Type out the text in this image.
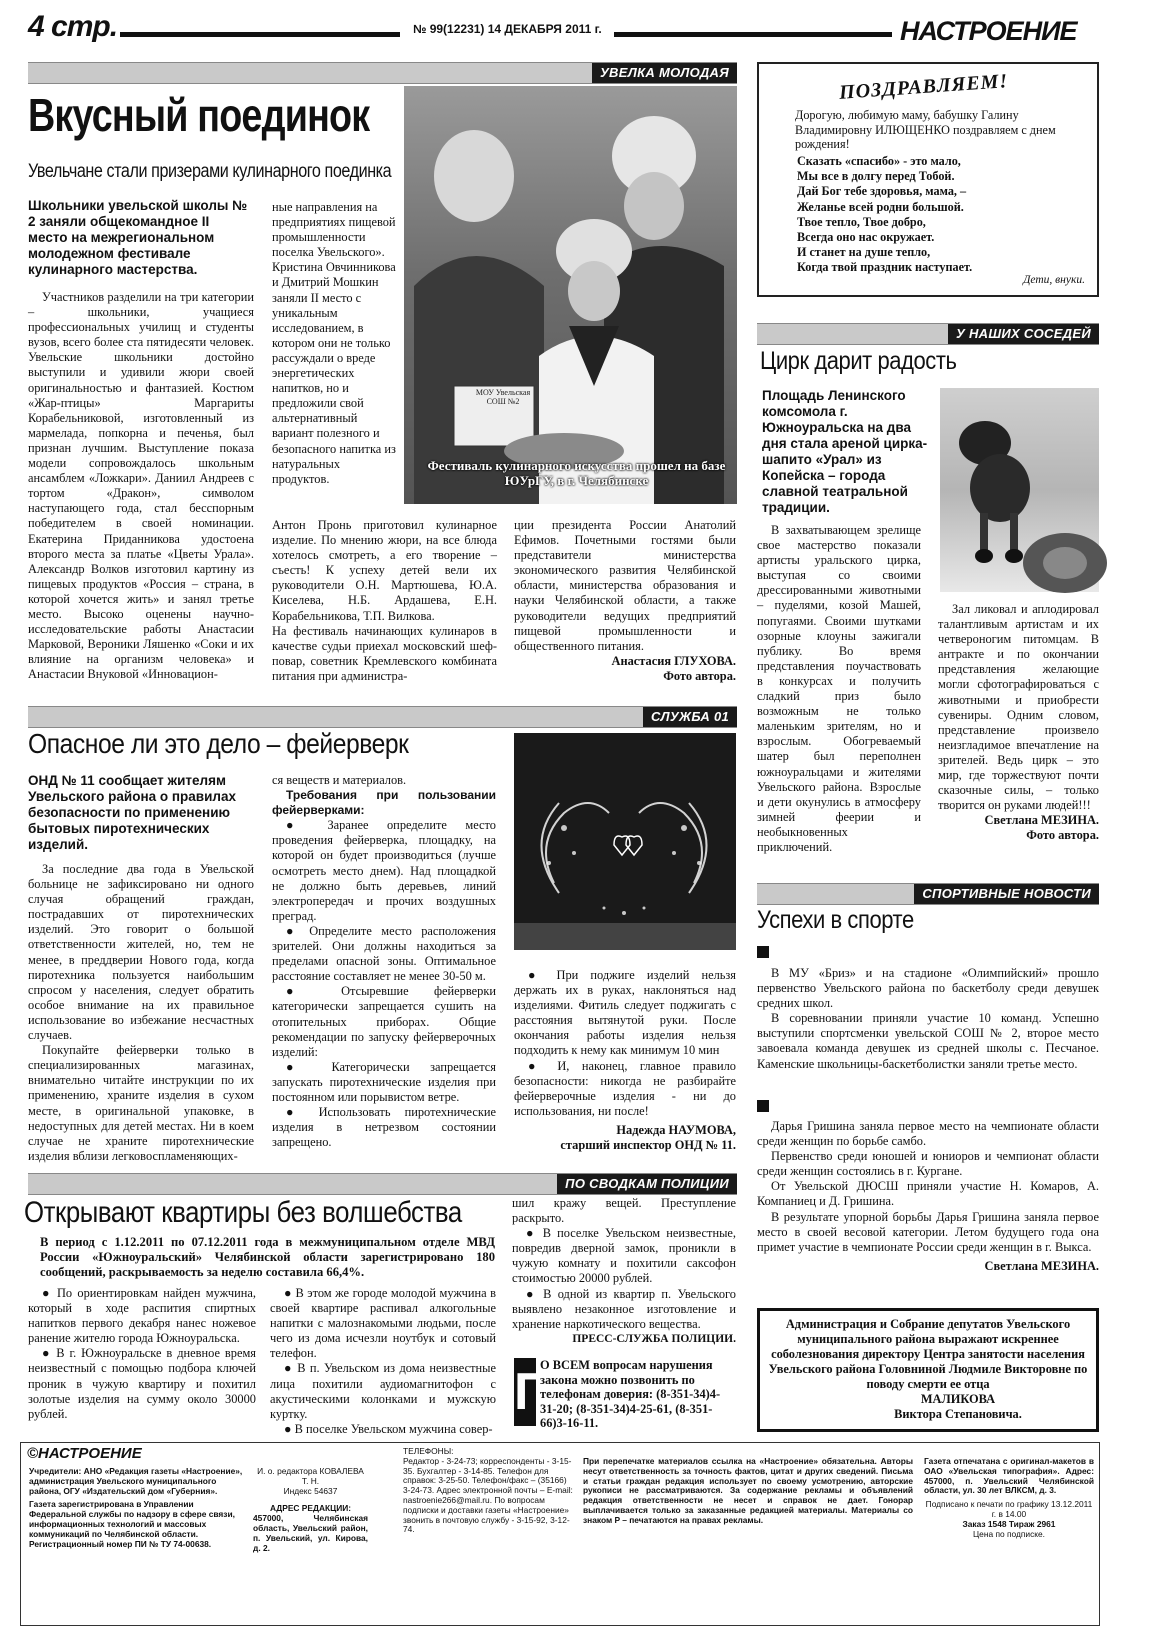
4 стр.	№ 99(12231) 14 ДЕКАБРЯ 2011 г.	НАСТРОЕНИЕ
УВЕЛКА МОЛОДАЯ
Вкусный поединок
Увельчане стали призерами кулинарного поединка
Школьники увельской школы № 2 заняли общекомандное II место на межрегиональном молодежном фестивале кулинарного мастерства.

Участников разделили на три категории – школьники, учащиеся профессиональных училищ и студенты вузов, всего более ста пятидесяти человек. Увельские школьники достойно выступили и удивили жюри своей оригинальностью и фантазией. Костюм «Жар-птицы» Маргариты Корабельниковой, изготовленный из мармелада, попкорна и печенья, был признан лучшим. Выступление показа модели сопровождалось школьным ансамблем «Ложкари». Даниил Андреев с тортом «Дракон», символом наступающего года, стал бесспорным победителем в своей номинации. Екатерина Приданникова удостоена второго места за платье «Цветы Урала». Александр Волков изготовил картину из пищевых продуктов «Россия – страна, в которой хочется жить» и занял третье место. Высоко оценены научно-исследовательские работы Анастасии Марковой, Вероники Ляшенко «Соки и их влияние на организм человека» и Анастасии Внуковой «Инновацион-

ные направления на предприятиях пищевой промышленности поселка Увельского». Кристина Овчинникова и Дмитрий Мошкин заняли II место с уникальным исследованием, в котором они не только рассуждали о вреде энергетических напитков, но и предложили свой альтернативный вариант полезного и безопасного напитка из натуральных продуктов.

Антон Пронь приготовил кулинарное изделие. По мнению жюри, на все блюда хотелось смотреть, а его творение – съесть! К успеху детей вели их руководители О.Н. Мартюшева, Ю.А. Киселева, Н.Б. Ардашева, Е.Н. Корабельникова, Т.П. Вилкова.

На фестиваль начинающих кулинаров в качестве судьи приехал московский шеф-повар, советник Кремлевского комбината питания при администра-

ции президента России Анатолий Ефимов. Почетными гостями были представители министерства экономического развития Челябинской области, министерства образования и науки Челябинской области, а также руководители ведущих предприятий пищевой промышленности и общественного питания.

Анастасия ГЛУХОВА.
Фото автора.
МОУ Увельская СОШ №2
Фестиваль кулинарного искусства прошел на базе ЮУрГУ, в г. Челябинске
ПОЗДРАВЛЯЕМ!
Дорогую, любимую маму, бабушку Галину Владимировну ИЛЮЩЕНКО поздравляем с днем рождения!
Сказать «спасибо» - это мало,
Мы все в долгу перед Тобой.
Дай Бог тебе здоровья, мама, –
Желанье всей родни большой.
Твое тепло, Твое добро,
Всегда оно нас окружает.
И станет на душе тепло,
Когда твой праздник наступает.
Дети, внуки.
У НАШИХ СОСЕДЕЙ
Цирк дарит радость
Площадь Ленинского комсомола г. Южноуральска на два дня стала ареной цирка-шапито «Урал» из Копейска – города славной театральной традиции.

В захватывающем зрелище свое мастерство показали артисты уральского цирка, выступая со своими дрессированными животными – пуделями, козой Машей, попугаями. Своими шутками озорные клоуны зажигали публику. Во время представления поучаствовать в конкурсах и получить сладкий приз было возможным не только маленьким зрителям, но и взрослым. Обогреваемый шатер был переполнен южноуральцами и жителями Увельского района. Взрослые и дети окунулись в атмосферу зимней феерии и необыкновенных приключений.

Зал ликовал и аплодировал талантливым артистам и их четвероногим питомцам. В антракте и по окончании представления желающие могли сфотографироваться с животными и приобрести сувениры. Одним словом, представление произвело неизгладимое впечатление на зрителей. Ведь цирк – это мир, где торжествуют почти сказочные силы, – только творится он руками людей!!!

Светлана МЕЗИНА.
Фото автора.
СЛУЖБА 01
Опасное ли это дело – фейерверк
ОНД № 11 сообщает жителям Увельского района о правилах безопасности по применению бытовых пиротехнических изделий.

За последние два года в Увельской больнице не зафиксировано ни одного случая обращений граждан, пострадавших от пиротехнических изделий. Это говорит о большой ответственности жителей, но, тем не менее, в преддверии Нового года, когда пиротехника пользуется наибольшим спросом у населения, следует обратить особое внимание на их правильное использование во избежание несчастных случаев.

Покупайте фейерверки только в специализированных магазинах, внимательно читайте инструкции по их применению, храните изделия в сухом месте, в оригинальной упаковке, в недоступных для детей местах. Ни в коем случае не храните пиротехнические изделия вблизи легковоспламеняющих-

ся веществ и материалов.

Требования при пользовании фейерверками:

● Заранее определите место проведения фейерверка, площадку, на которой он будет производиться (лучше осмотреть место днем). Над площадкой не должно быть деревьев, линий электропередач и прочих воздушных преград.

● Определите место расположения зрителей. Они должны находиться за пределами опасной зоны. Оптимальное расстояние составляет не менее 30-50 м.

● Отсыревшие фейерверки категорически запрещается сушить на отопительных приборах. Общие рекомендации по запуску фейерверочных изделий:

● Категорически запрещается запускать пиротехнические изделия при постоянном или порывистом ветре.

● Использовать пиротехнические изделия в нетрезвом состоянии запрещено.

● При поджиге изделий нельзя держать их в руках, наклоняться над изделиями. Фитиль следует поджигать с расстояния вытянутой руки. После окончания работы изделия нельзя подходить к нему как минимум 10 мин

● И, наконец, главное правило безопасности: никогда не разбирайте фейерверочные изделия - ни до использования, ни после!

Надежда НАУМОВА,
старший инспектор ОНД № 11.
СПОРТИВНЫЕ НОВОСТИ
Успехи в спорте

В МУ «Бриз» и на стадионе «Олимпийский» прошло первенство Увельского района по баскетболу среди девушек средних школ.

В соревновании приняли участие 10 команд. Успешно выступили спортсменки увельской СОШ № 2, второе место завоевала команда девушек из средней школы с. Песчаное. Каменские школьницы-баскетболистки заняли третье место.

Дарья Гришина заняла первое место на чемпионате области среди женщин по борьбе самбо.

Первенство среди юношей и юниоров и чемпионат области среди женщин состоялись в г. Кургане.

От Увельской ДЮСШ приняли участие Н. Комаров, А. Компаниец и Д. Гришина.

В результате упорной борьбы Дарья Гришина заняла первое место в своей весовой категории. Летом будущего года она примет участие в чемпионате России среди женщин в г. Выкса.

Светлана МЕЗИНА.
ПО СВОДКАМ ПОЛИЦИИ
Открывают квартиры без волшебства
В период с 1.12.2011 по 07.12.2011 года в межмуниципальном отделе МВД России «Южноуральский» Челябинской области зарегистрировано 180 сообщений, раскрываемость за неделю составила 66,4%.

● По ориентировкам найден мужчина, который в ходе распития спиртных напитков первого декабря нанес ножевое ранение жителю города Южноуральска.

● В г. Южноуральске в дневное время неизвестный с помощью подбора ключей проник в чужую квартиру и похитил золотые изделия на сумму около 30000 рублей.

● В этом же городе молодой мужчина в своей квартире распивал алкогольные напитки с малознакомыми людьми, после чего из дома исчезли ноутбук и сотовый телефон.

● В п. Увельском из дома неизвестные лица похитили аудиомагнитофон с акустическими колонками и мужскую куртку.

● В поселке Увельском мужчина совер-

шил кражу вещей. Преступление раскрыто.

● В поселке Увельском неизвестные, повредив дверной замок, проникли в чужую комнату и похитили саксофон стоимостью 20000 рублей.

● В одной из квартир п. Увельского выявлено незаконное изготовление и хранение наркотического вещества.

ПРЕСС-СЛУЖБА ПОЛИЦИИ.
П
О ВСЕМ вопросам нарушения закона можно позвонить по телефонам доверия: (8-351-34)4-31-20; (8-351-34)4-25-61, (8-351-66)3-16-11.
Администрация и Собрание депутатов Увельского муниципального района выражают искреннее соболезнования директору Центра занятости населения Увельского района Головниной Людмиле Викторовне по поводу смерти ее отца
МАЛИКОВА
Виктора Степановича.
©НАСТРОЕНИЕ

Учредители: АНО «Редакция газеты «Настроение», администрация Увельского муниципального района, ОГУ «Издательский дом «Губерния».

Газета зарегистрирована в Управлении Федеральной службы по надзору в сфере связи, информационных технологий и массовых коммуникаций по Челябинской области. Регистрационный номер ПИ № ТУ 74-00638.

И. о. редактора КОВАЛЕВА Т. Н.

Индекс 54637

АДРЕС РЕДАКЦИИ:

457000, Челябинская область, Увельский район, п. Увельский, ул. Кирова, д. 2.

ТЕЛЕФОНЫ:

Редактор - 3-24-73; корреспонденты - 3-15-35. Бухгалтер - 3-14-85. Телефон для справок: 3-25-50. Телефон/факс – (35166) 3-24-73. Адрес электронной почты – E-mail: nastroenie266@mail.ru. По вопросам подписки и доставки газеты «Настроение» звонить в почтовую службу - 3-15-92, 3-12-74.

При перепечатке материалов ссылка на «Настроение» обязательна. Авторы несут ответственность за точность фактов, цитат и других сведений. Письма и статьи граждан редакция использует по своему усмотрению, авторские рукописи не рассматриваются. За содержание рекламы и объявлений редакция ответственности не несет и справок не дает. Гонорар выплачивается только за заказанные редакцией материалы. Материалы со знаком P – печатаются на правах рекламы.

Газета отпечатана с оригинал-макетов в ОАО «Увельская типография». Адрес: 457000, п. Увельский Челябинской области, ул. 30 лет ВЛКСМ, д. 3.

Подписано к печати по графику 13.12.2011 г. в 14.00

Заказ 1548 Тираж 2961

Цена по подписке.
